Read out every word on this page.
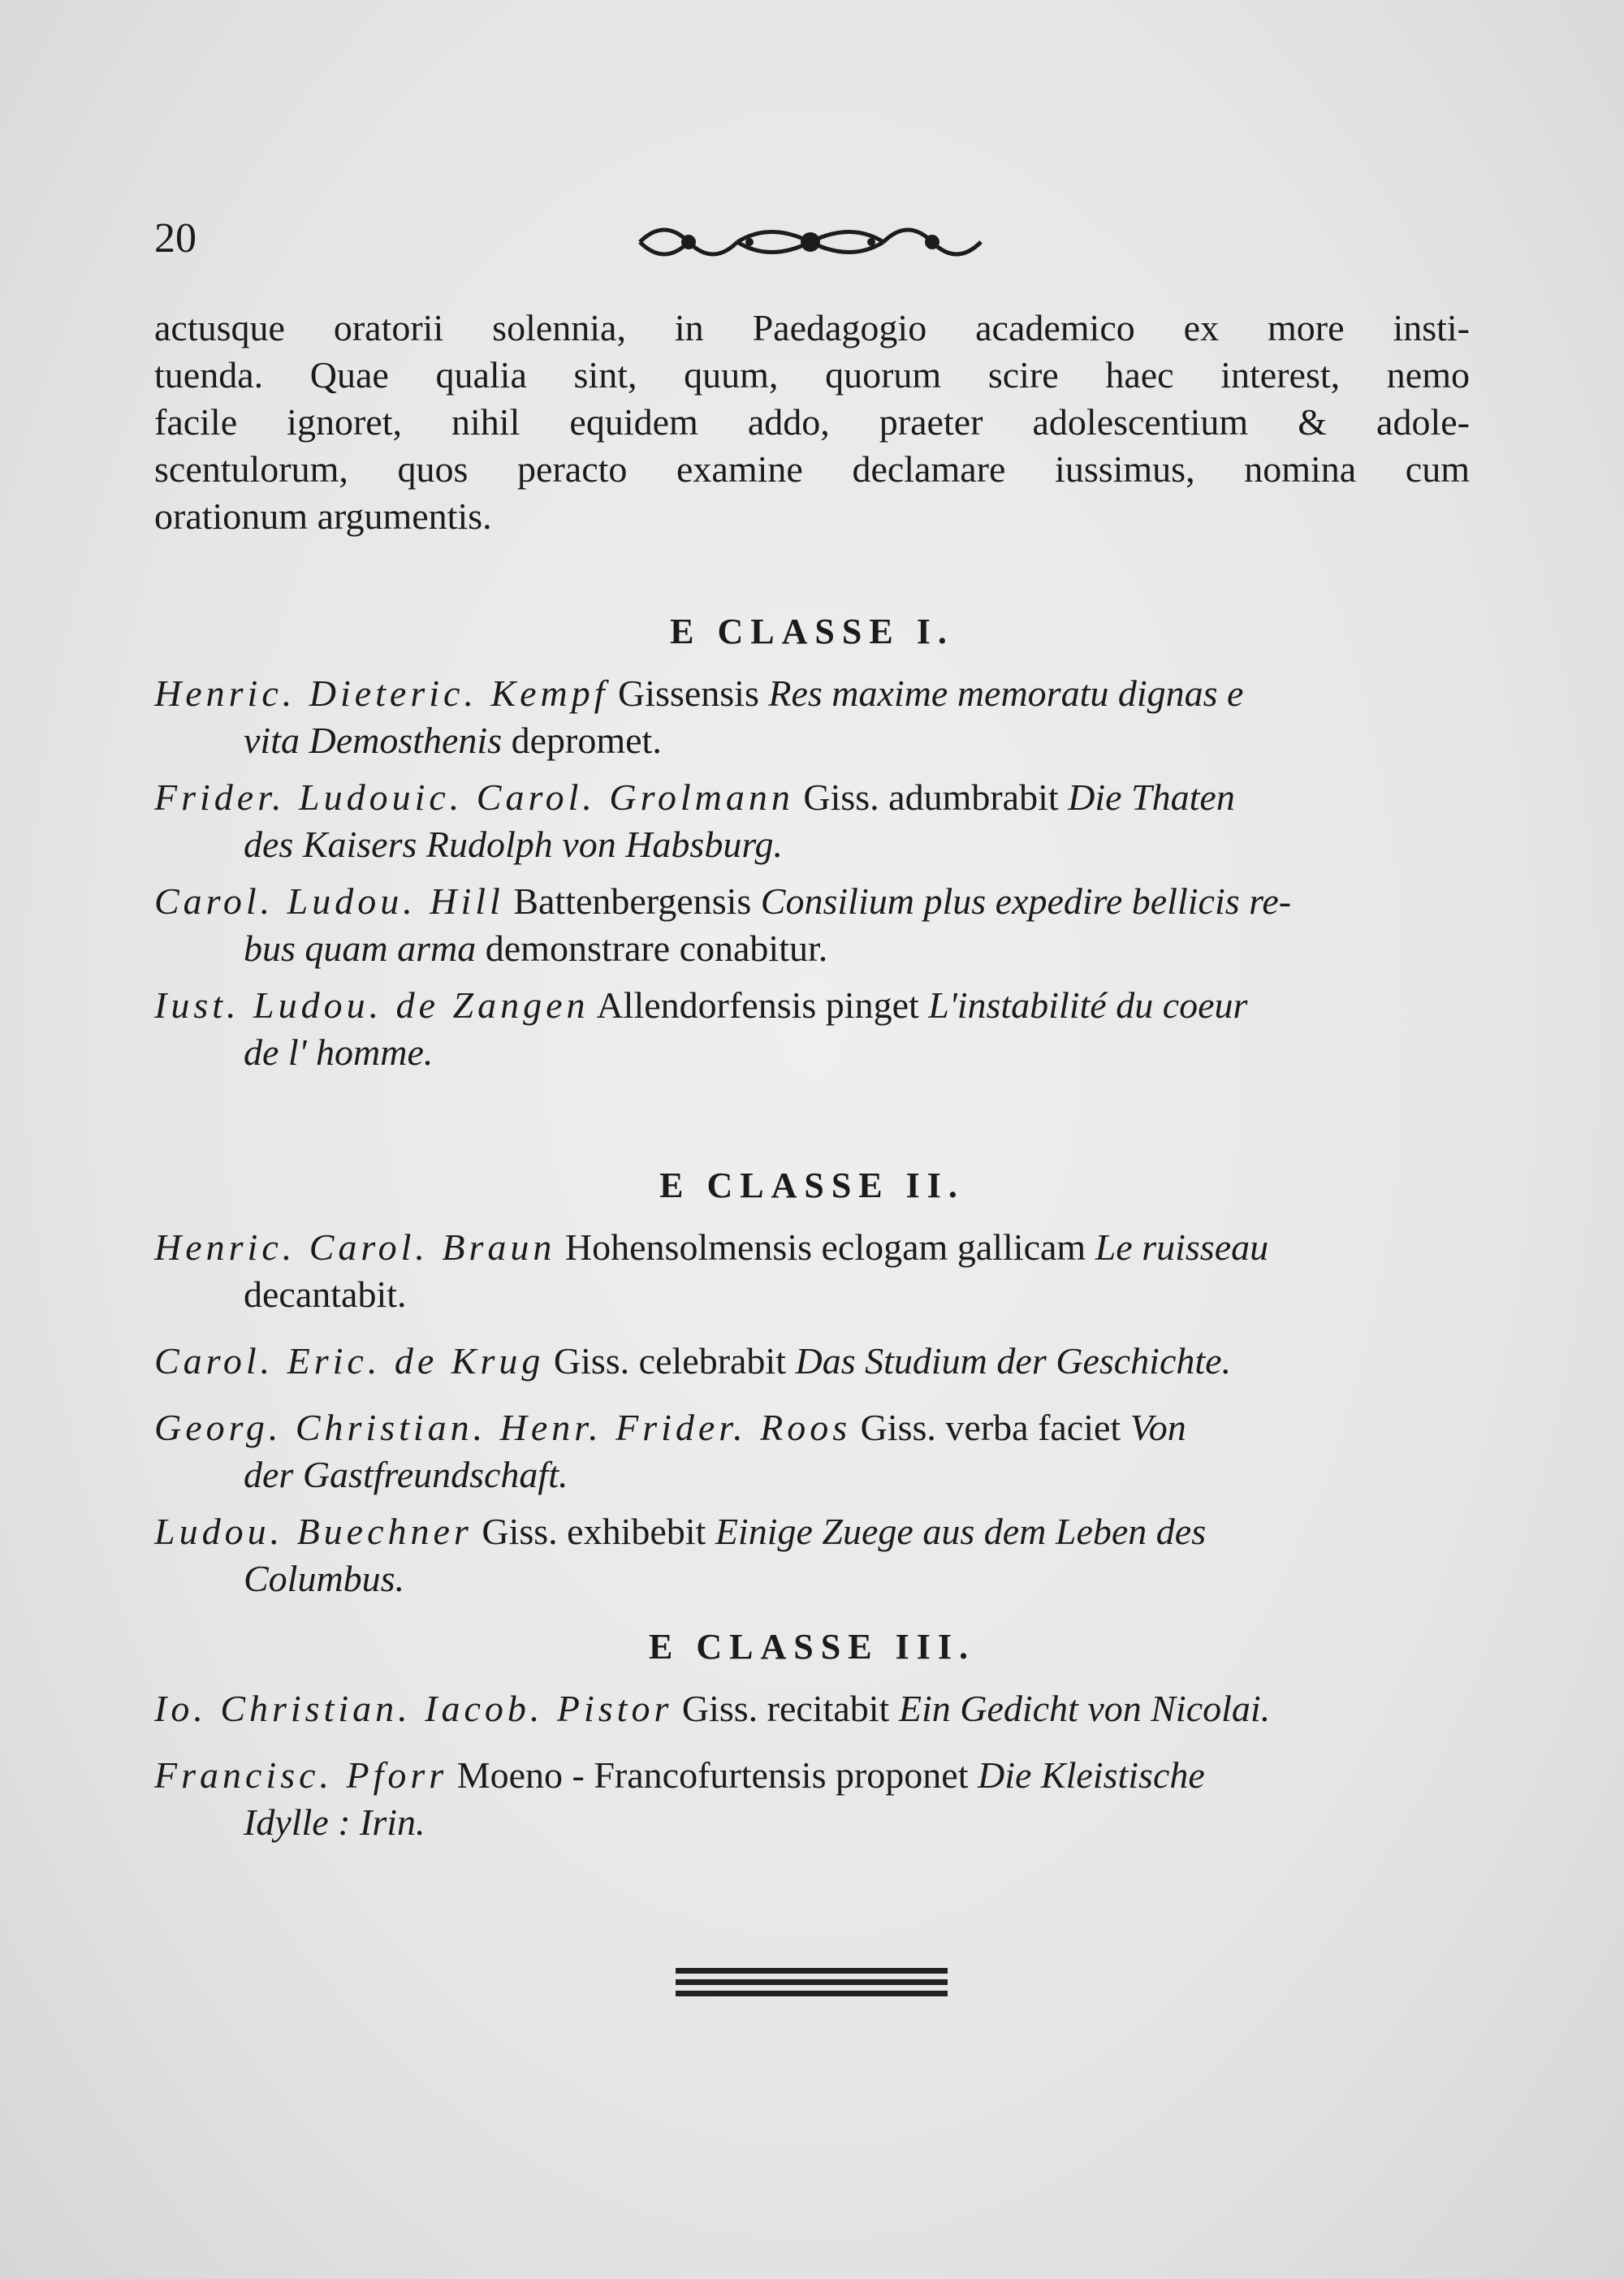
20

actusque oratorii solennia, in Paedagogio academico ex more insti-
tuenda. Quae qualia sint, quum, quorum scire haec interest, nemo
facile ignoret, nihil equidem addo, praeter adolescentium & adole-
scentulorum, quos peracto examine declamare iussimus, nomina cum
orationum argumentis.

E CLASSE I.

Henric. Dieteric. Kempf Gissensis Res maxime memoratu dignas e
vita Demosthenis depromet.

Frider. Ludouic. Carol. Grolmann Giss. adumbrabit Die Thaten
des Kaisers Rudolph von Habsburg.

Carol. Ludou. Hill Battenbergensis Consilium plus expedire bellicis re-
bus quam arma demonstrare conabitur.

Iust. Ludou. de Zangen Allendorfensis pinget L'instabilité du coeur
de l' homme.

E CLASSE II.

Henric. Carol. Braun Hohensolmensis eclogam gallicam Le ruisseau
decantabit.

Carol. Eric. de Krug Giss. celebrabit Das Studium der Geschichte.

Georg. Christian. Henr. Frider. Roos Giss. verba faciet Von
der Gastfreundschaft.

Ludou. Buechner Giss. exhibebit Einige Zuege aus dem Leben des
Columbus.

E CLASSE III.

Io. Christian. Iacob. Pistor Giss. recitabit Ein Gedicht von Nicolai.

Francisc. Pforr Moeno - Francofurtensis proponet Die Kleistische
Idylle : Irin.
